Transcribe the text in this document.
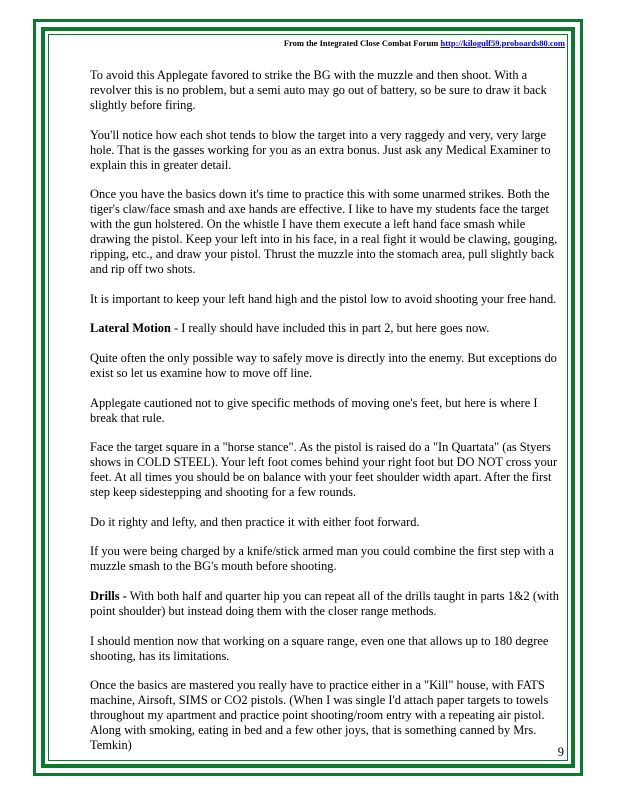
From the Integrated Close Combat Forum http://kilogulf59.proboards80.com

To avoid this Applegate favored to strike the BG with the muzzle and then shoot. With a revolver this is no problem, but a semi auto may go out of battery, so be sure to draw it back slightly before firing.

You'll notice how each shot tends to blow the target into a very raggedy and very, very large hole. That is the gasses working for you as an extra bonus. Just ask any Medical Examiner to explain this in greater detail.

Once you have the basics down it's time to practice this with some unarmed strikes. Both the tiger's claw/face smash and axe hands are effective. I like to have my students face the target with the gun holstered. On the whistle I have them execute a left hand face smash while drawing the pistol. Keep your left into in his face, in a real fight it would be clawing, gouging, ripping, etc., and draw your pistol. Thrust the muzzle into the stomach area, pull slightly back and rip off two shots.

It is important to keep your left hand high and the pistol low to avoid shooting your free hand.

Lateral Motion - I really should have included this in part 2, but here goes now.

Quite often the only possible way to safely move is directly into the enemy. But exceptions do exist so let us examine how to move off line.

Applegate cautioned not to give specific methods of moving one's feet, but here is where I break that rule.

Face the target square in a "horse stance". As the pistol is raised do a "In Quartata" (as Styers shows in COLD STEEL). Your left foot comes behind your right foot but DO NOT cross your feet. At all times you should be on balance with your feet shoulder width apart. After the first step keep sidestepping and shooting for a few rounds.

Do it righty and lefty, and then practice it with either foot forward.

If you were being charged by a knife/stick armed man you could combine the first step with a muzzle smash to the BG's mouth before shooting.

Drills - With both half and quarter hip you can repeat all of the drills taught in parts 1&2 (with point shoulder) but instead doing them with the closer range methods.

I should mention now that working on a square range, even one that allows up to 180 degree shooting, has its limitations.

Once the basics are mastered you really have to practice either in a "Kill" house, with FATS machine, Airsoft, SIMS or CO2 pistols. (When I was single I'd attach paper targets to towels throughout my apartment and practice point shooting/room entry with a repeating air pistol. Along with smoking, eating in bed and a few other joys, that is something canned by Mrs. Temkin)	9
